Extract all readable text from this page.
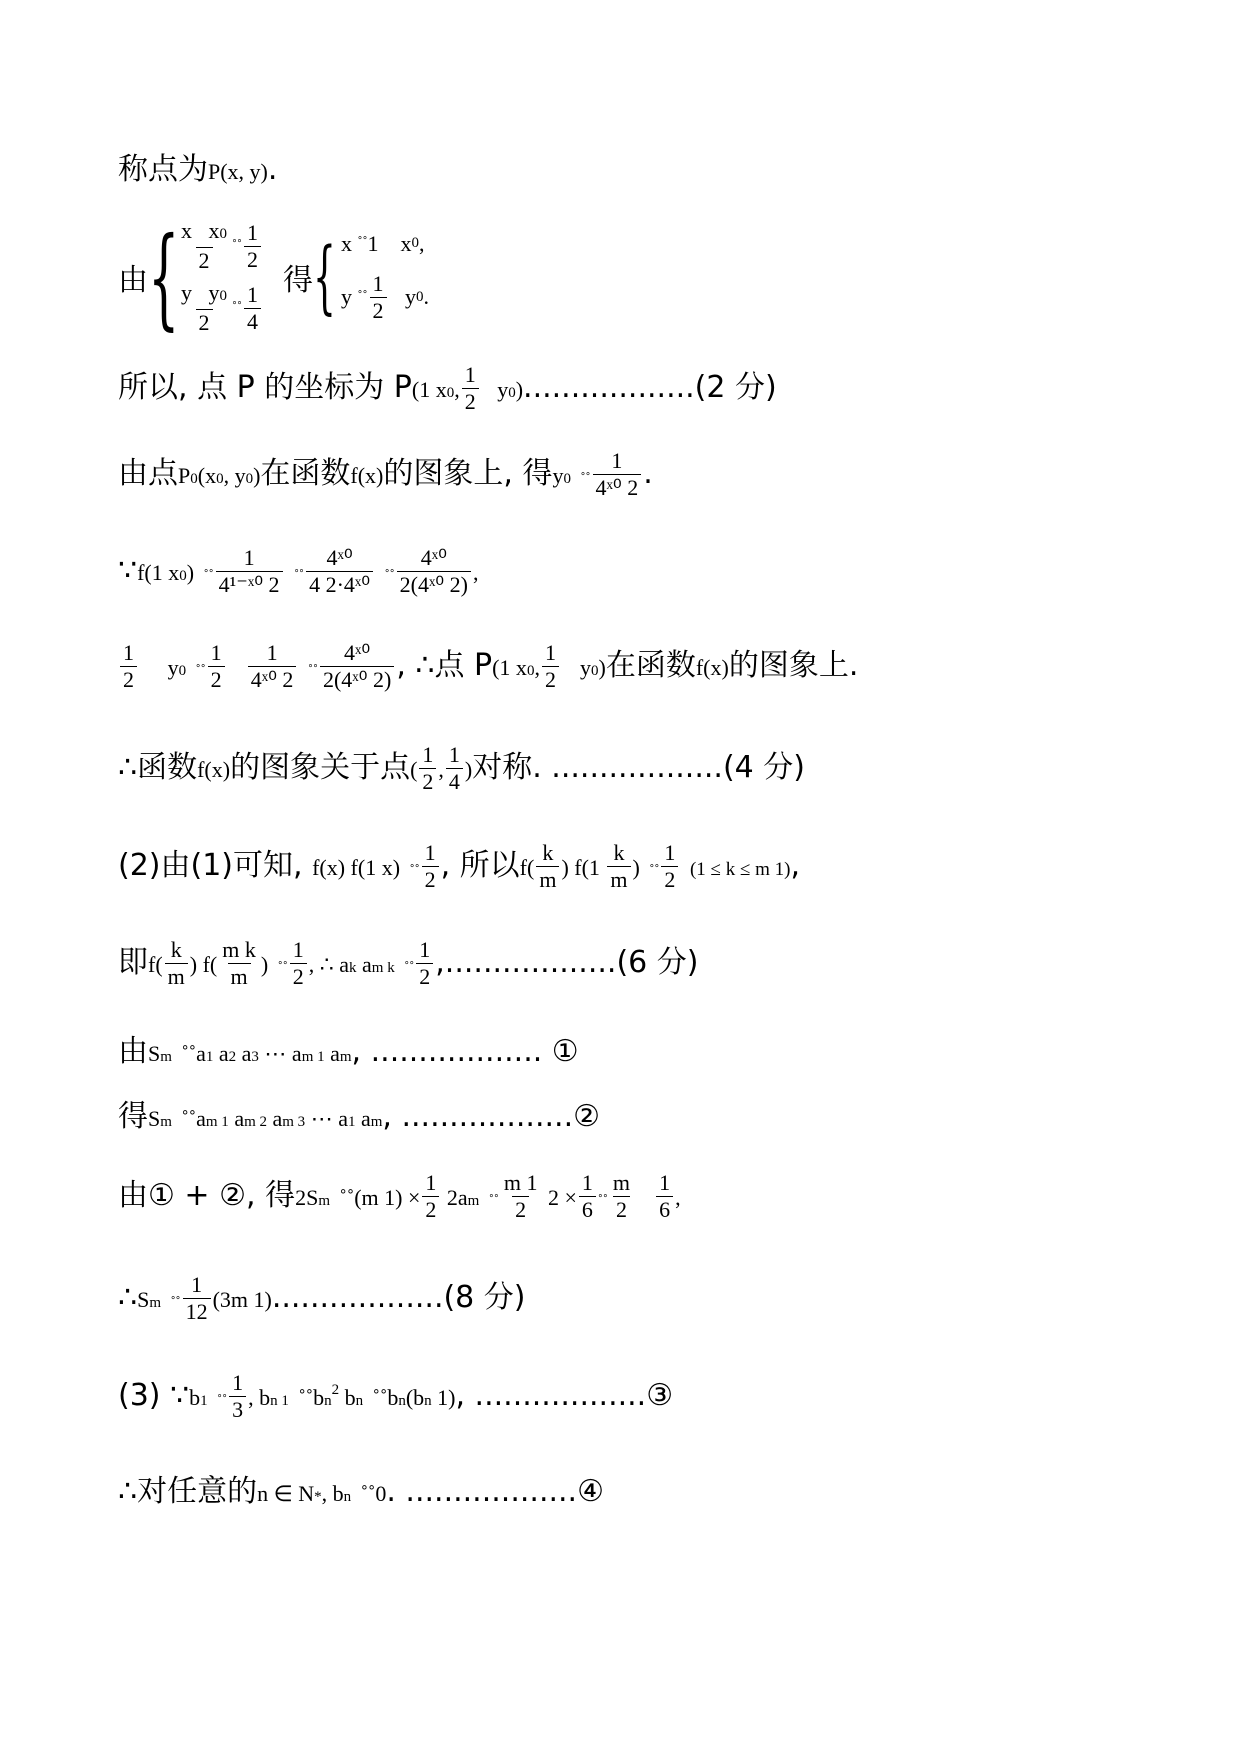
称点为P(x, y).
由 {
$\frac{\text{x x0}}{2}$ ˚˚ $\frac{1}{2}$
$\frac{\text{y y0}}{2}$ ˚˚ $\frac{1}{4}$
得 { x
˚˚ 1
x 0 ,
y
˚˚ $\frac{1}{2}$
y 0 .
所以, 点 P 的坐标为 P(1 x0, $\frac{1}{2} y0)..................(2$ 分)
由点P0(x0, y0)在函数f(x)的图象上, 得y0 ˚˚ $\frac{1}{\text{4ˣ⁰ 2}}$ .
∵f(1 x0) ˚˚ $\frac{1}{\text{4¹⁻ˣ⁰ 2}}$ ˚˚ $\frac{\text{4ˣ⁰}}{\text{4 2·4ˣ⁰}}$ ˚˚ $\frac{\text{4ˣ⁰}}{\text{2(4ˣ⁰ 2)}}$ ,
$\frac{1}{2} y0$ ˚˚ $\frac{1}{2}$
$\frac{1}{\text{4ˣ⁰ 2}}$ ˚˚ $\frac{\text{4ˣ⁰}}{\text{2(4ˣ⁰ 2)}}$ , ∴点 P(1 x0, $\frac{1}{2} y0$)在函数f(x)的图象上.
∴函数f(x)的图象关于点( $\frac{1}{2}$ , $\frac{1}{4}$ )对称. ..................(4 分)
(2)由(1)可知, f(x) f(1 x) ˚˚ $\frac{1}{2}$ , 所以$f( \frac{k}{m}$ ) $f(1 \frac{k}{m}$ ) ˚˚ $\frac{1}{2} (1 \le k \le m$ 1),
即$f( \frac{k}{m}$ ) $f( \frac{\text{m k}}{m}$ ) ˚˚ $\frac{1}{2}$ , ∴ ak am k ˚˚ $\frac{1}{2} ,..................(6$ 分)
由Sm ˚˚a1 a2 a3 ⋯ am 1 am, .................. ①
得Sm ˚˚am 1 am 2 am 3 ⋯ a1 am, ..................②
由① + ②, 得2Sm ˚˚(m $1) \times \frac{1}{2} 2am$ ˚˚ $\frac{m 1}{2} 2 \times \frac{1}{6}$ ˚˚ $\frac{m}{2}$
$\frac{1}{6}$ ,
∴Sm ˚˚ $\frac{1}{12} (3m$ 1)..................(8 分)
(3) ∵b1 ˚˚ $\frac{1}{3}$ , bn 1 $˚˚bn^2$ bn ˚˚bn(bn 1), ..................③
∴对任意的n ∈ N*, bn ˚˚0. ..................④
